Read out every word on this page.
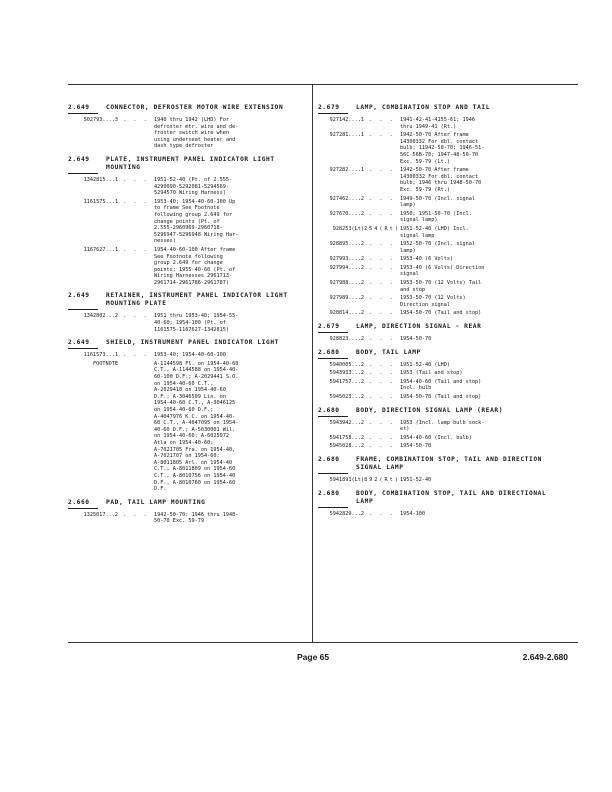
2.649	CONNECTOR, DEFROSTER MOTOR WIRE EXTENSION
502793....3 . . . 1940 thru 1942 (LHD) For
defroster mtr. wire and de-
froster switch wire when
using underseat heater and
dash type defroster
2.649	PLATE, INSTRUMENT PANEL INDICATOR LIGHT
MOUNTING
1342815...1 . . . 1951-52-40 (Pt. of 2.555-
4290090-5292081-5294569-
5294570 Wiring Harness)
1161575...1 . . . 1953-40; 1954-40-60-100 Up
to frame See Footnote
following group 2.649 for
change points (Pt. of
2.555-2960969-2960718-
5296947-5296948 Wiring Har-
nesses)
1167627...1 . . . 1954-40-60-100 After frame
See Footnote following
group 2.649 for change
points; 1955-40-60 (Pt. of
Wiring Harnesses 2961713-
2961714-2961786-2961787)
2.649	RETAINER, INSTRUMENT PANEL INDICATOR LIGHT
MOUNTING PLATE
1342802...2 . . . 1951 thru 1953-40; 1954-55-
40-60; 1954-100 (Pt. of
1161575-1167627-1342815)
2.649	SHIELD, INSTRUMENT PANEL INDICATOR LIGHT
1161573...1 . . . 1953-40; 1954-40-60-100
FOOTNOTE	A-1144598 Fl. on 1954-40-60
C.T., A-1144588 on 1954-40-
60-100 D.F.; A-2029441 S.O.
on 1954-40-60 C.T.,
A-2029418 on 1954-40-60
D.F.; A-3046509 Lin. on
1954-40-60 C.T., A-3046125
on 1954-40-60 D.F.;
A-4047976 K.C. on 1954-40-
60 C.T., A-4047095 on 1954-
40-60 D.F.; A-5030001 Wil.
on 1954-40-60; A-6025972
Atla on 1954-40-60;
A-7021705 Fra. on 1954-40,
A-7021707 on 1954-60;
A-8011805 Arl. on 1954-40
C.T., A-8011809 on 1954-60
C.T., A-8010756 on 1954-40
D.F., A-8010760 on 1954-60
D.F.
2.660	PAD, TAIL LAMP MOUNTING
1325017...2 . . . 1942-50-70; 1946 thru 1948-
50-70 Exc. 59-79
2.679	LAMP, COMBINATION STOP AND TAIL
927142....1 . . . 1941-42-41-4155-61; 1946
thru 1949-41 (Rt.)
927281....1 . . . 1942-50-70 After frame
14300332 For dbl. contact
bulb; 11942-50-70; 1946-51-
56C-56B-70; 1947-48-50-70
Exc. 59-79 (Lt.)
927282....1 . . . 1942-50-70 After frame
14300332 For dbl. contact
bulb; 1946 thru 1948-50-70
Exc. 59-79 (Rt.)
927462....2 . . . 1949-50-70 (Incl. signal
lamp)
927670....2 . . . 1950; 1951-50-70 (Incl.
signal lamp)
928253(Lt) 254(Rt) 1951-52-40 (LHD) Incl.
signal lamp
928895....2 . . . 1952-50-70 (Incl. signal
lamp)
927993....2 . . . 1953-40 (6 Volts)
927994....2 . . . 1953-40 (6 Volts) Direction
signal
927988....2 . . . 1953-50-70 (12 Volts) Tail
and stop
927989....2 . . . 1953-50-70 (12 Volts)
Direction signal
928814....2 . . . 1954-50-70 (Tail and stop)
2.679	LAMP, DIRECTION SIGNAL - REAR
928823....2 . . . 1954-50-70
2.680	BODY, TAIL LAMP
5940005...2 . . . 1951-52-40 (LHD)
5943933...2 . . . 1953 (Tail and stop)
5941757...2 . . . 1954-40-60 (Tail and stop)
Incl. bulb
5945023...2 . . . 1954-50-70 (Tail and stop)
2.680	BODY, DIRECTION SIGNAL LAMP (REAR)
5943942...2 . . . 1953 (Incl. lamp bulb sock-
et)
5941758...2 . . . 1954-40-60 (Incl. bulb)
5945028...2 . . . 1954-50-70
2.680	FRAME, COMBINATION STOP, TAIL AND DIRECTION
SIGNAL LAMP
5941891(Lt) 892(Rt) 1951-52-40
2.680	BODY, COMBINATION STOP, TAIL AND DIRECTIONAL
LAMP
5942829...2 . . . 1954-100
Page 65	2.649-2.680
